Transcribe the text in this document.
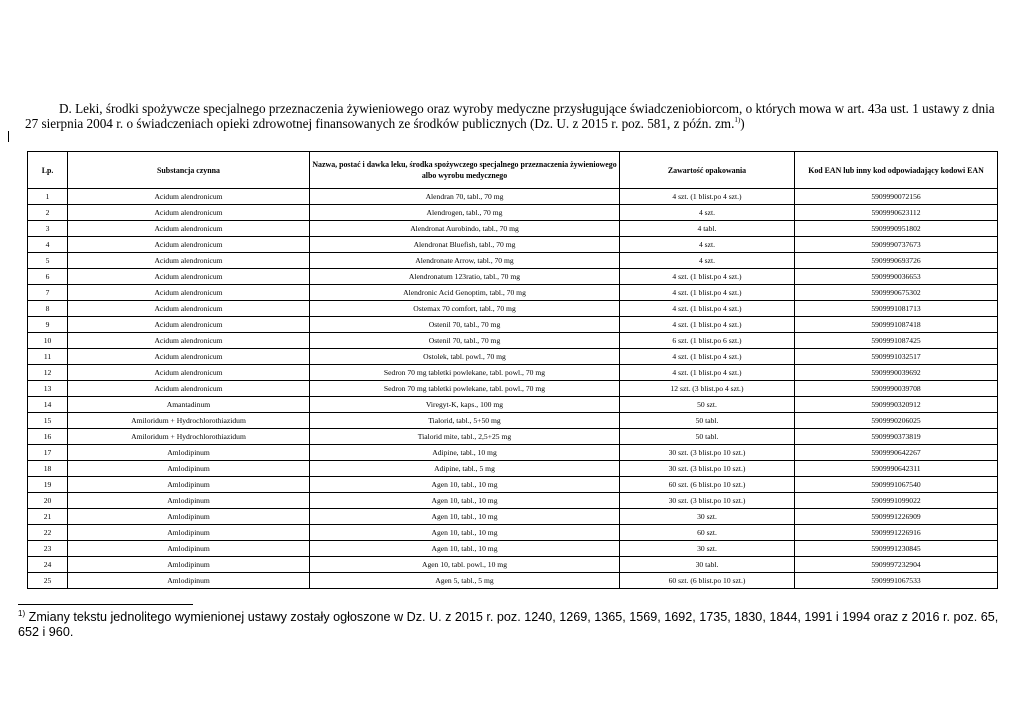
D. Leki, środki spożywcze specjalnego przeznaczenia żywieniowego oraz wyroby medyczne przysługujące świadczeniobiorcom, o których mowa w art. 43a ust. 1 ustawy z dnia 27 sierpnia 2004 r. o świadczeniach opieki zdrowotnej finansowanych ze środków publicznych (Dz. U. z 2015 r. poz. 581, z późn. zm.$^{1)}$)

Lp.	Substancja czynna	Nazwa, postać i dawka leku, środka spożywczego specjalnego przeznaczenia żywieniowego albo wyrobu medycznego	Zawartość opakowania	Kod EAN lub inny kod odpowiadający kodowi EAN
1	Acidum alendronicum	Alendran 70, tabl., 70 mg	4 szt. (1 blist.po 4 szt.)	5909990072156
2	Acidum alendronicum	Alendrogen, tabl., 70 mg	4 szt.	5909990623112
3	Acidum alendronicum	Alendronat Aurobindo, tabl., 70 mg	4 tabl.	5909990951802
4	Acidum alendronicum	Alendronat Bluefish, tabl., 70 mg	4 szt.	5909990737673
5	Acidum alendronicum	Alendronate Arrow, tabl., 70 mg	4 szt.	5909990693726
6	Acidum alendronicum	Alendronatum 123ratio, tabl., 70 mg	4 szt. (1 blist.po 4 szt.)	5909990036653
7	Acidum alendronicum	Alendronic Acid Genoptim, tabl., 70 mg	4 szt. (1 blist.po 4 szt.)	5909990675302
8	Acidum alendronicum	Ostemax 70 comfort, tabl., 70 mg	4 szt. (1 blist.po 4 szt.)	5909991081713
9	Acidum alendronicum	Ostenil 70, tabl., 70 mg	4 szt. (1 blist.po 4 szt.)	5909991087418
10	Acidum alendronicum	Ostenil 70, tabl., 70 mg	6 szt. (1 blist.po 6 szt.)	5909991087425
11	Acidum alendronicum	Ostolek, tabl. powl., 70 mg	4 szt. (1 blist.po 4 szt.)	5909991032517
12	Acidum alendronicum	Sedron 70 mg tabletki powlekane, tabl. powl., 70 mg	4 szt. (1 blist.po 4 szt.)	5909990039692
13	Acidum alendronicum	Sedron 70 mg tabletki powlekane, tabl. powl., 70 mg	12 szt. (3 blist.po 4 szt.)	5909990039708
14	Amantadinum	Viregyt-K, kaps., 100 mg	50 szt.	5909990320912
15	Amiloridum + Hydrochlorothiazidum	Tialorid, tabl., 5+50 mg	50 tabl.	5909990206025
16	Amiloridum + Hydrochlorothiazidum	Tialorid mite, tabl., 2,5+25 mg	50 tabl.	5909990373819
17	Amlodipinum	Adipine, tabl., 10 mg	30 szt. (3 blist.po 10 szt.)	5909990642267
18	Amlodipinum	Adipine, tabl., 5 mg	30 szt. (3 blist.po 10 szt.)	5909990642311
19	Amlodipinum	Agen 10, tabl., 10 mg	60 szt. (6 blist.po 10 szt.)	5909991067540
20	Amlodipinum	Agen 10, tabl., 10 mg	30 szt. (3 blist.po 10 szt.)	5909991099022
21	Amlodipinum	Agen 10, tabl., 10 mg	30 szt.	5909991226909
22	Amlodipinum	Agen 10, tabl., 10 mg	60 szt.	5909991226916
23	Amlodipinum	Agen 10, tabl., 10 mg	30 szt.	5909991230845
24	Amlodipinum	Agen 10, tabl. powl., 10 mg	30 tabl.	5909997232904
25	Amlodipinum	Agen 5, tabl., 5 mg	60 szt. (6 blist.po 10 szt.)	5909991067533

$^{1)}$ Zmiany tekstu jednolitego wymienionej ustawy zostały ogłoszone w Dz. U. z 2015 r. poz. 1240, 1269, 1365, 1569, 1692, 1735, 1830, 1844, 1991 i 1994 oraz z 2016 r. poz. 65, 652 i 960.
